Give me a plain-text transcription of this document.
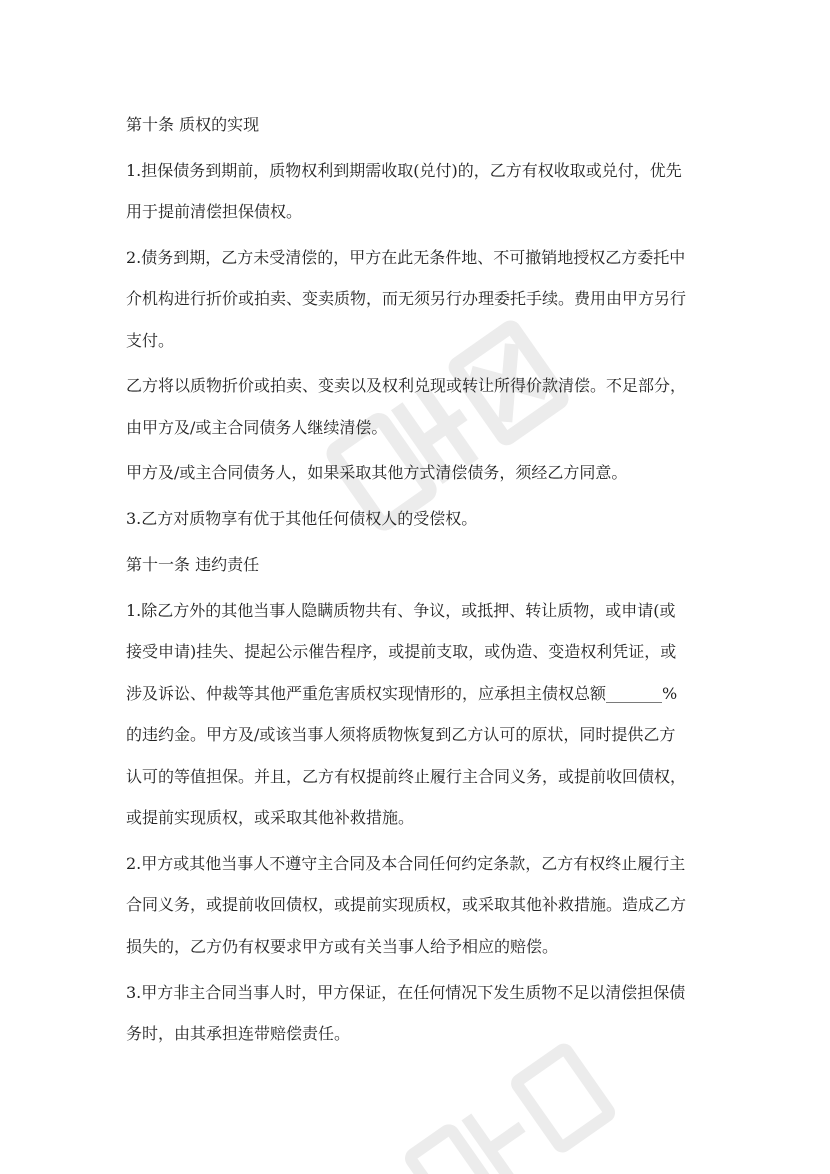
第十条 质权的实现
1.担保债务到期前，质物权利到期需收取(兑付)的，乙方有权收取或兑付，优先
用于提前清偿担保债权。
2.债务到期，乙方未受清偿的，甲方在此无条件地、不可撤销地授权乙方委托中
介机构进行折价或拍卖、变卖质物，而无须另行办理委托手续。费用由甲方另行
支付。
乙方将以质物折价或拍卖、变卖以及权利兑现或转让所得价款清偿。不足部分，
由甲方及/或主合同债务人继续清偿。
甲方及/或主合同债务人，如果采取其他方式清偿债务，须经乙方同意。
3.乙方对质物享有优于其他任何债权人的受偿权。
第十一条 违约责任
1.除乙方外的其他当事人隐瞒质物共有、争议，或抵押、转让质物，或申请(或
接受申请)挂失、提起公示催告程序，或提前支取，或伪造、变造权利凭证，或
涉及诉讼、仲裁等其他严重危害质权实现情形的，应承担主债权总额_______%
的违约金。甲方及/或该当事人须将质物恢复到乙方认可的原状，同时提供乙方
认可的等值担保。并且，乙方有权提前终止履行主合同义务，或提前收回债权，
或提前实现质权，或采取其他补救措施。
2.甲方或其他当事人不遵守主合同及本合同任何约定条款，乙方有权终止履行主
合同义务，或提前收回债权，或提前实现质权，或采取其他补救措施。造成乙方
损失的，乙方仍有权要求甲方或有关当事人给予相应的赔偿。
3.甲方非主合同当事人时，甲方保证，在任何情况下发生质物不足以清偿担保债
务时，由其承担连带赔偿责任。
